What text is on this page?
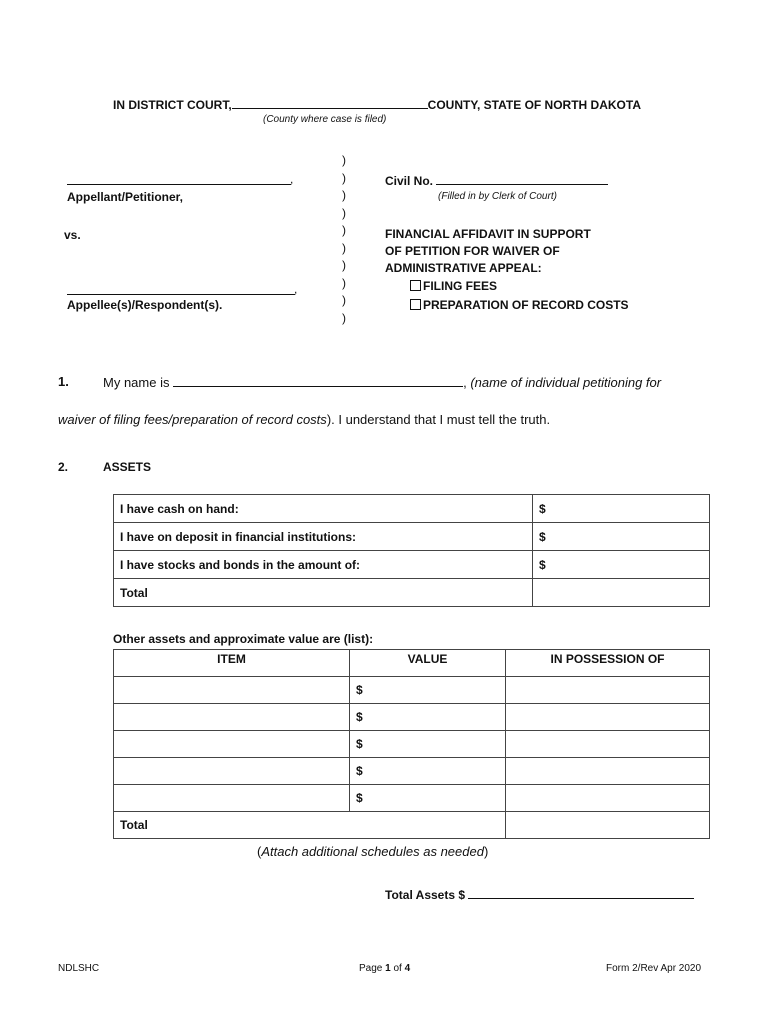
IN DISTRICT COURT,	COUNTY, STATE OF NORTH DAKOTA
(County where case is filed)
,
Appellant/Petitioner,
vs.
,
Appellee(s)/Respondent(s).
)
)
)
)
)
)
)
)
)
)
Civil No.
(Filled in by Clerk of Court)
FINANCIAL AFFIDAVIT IN SUPPORT
OF PETITION FOR WAIVER OF
ADMINISTRATIVE APPEAL:
FILING FEES
PREPARATION OF RECORD COSTS
1.	My name is	, (name of individual petitioning for
waiver of filing fees/preparation of record costs). I understand that I must tell the truth.
2.	ASSETS
I have cash on hand:	$
I have on deposit in financial institutions:	$
I have stocks and bonds in the amount of:	$
Total	
Other assets and approximate value are (list):
ITEM	VALUE	IN POSSESSION OF
	$	
	$	
	$	
	$	
	$	
Total		
(Attach additional schedules as needed)
Total Assets $
NDLSHC	Page 1 of 4	Form 2/Rev Apr 2020
